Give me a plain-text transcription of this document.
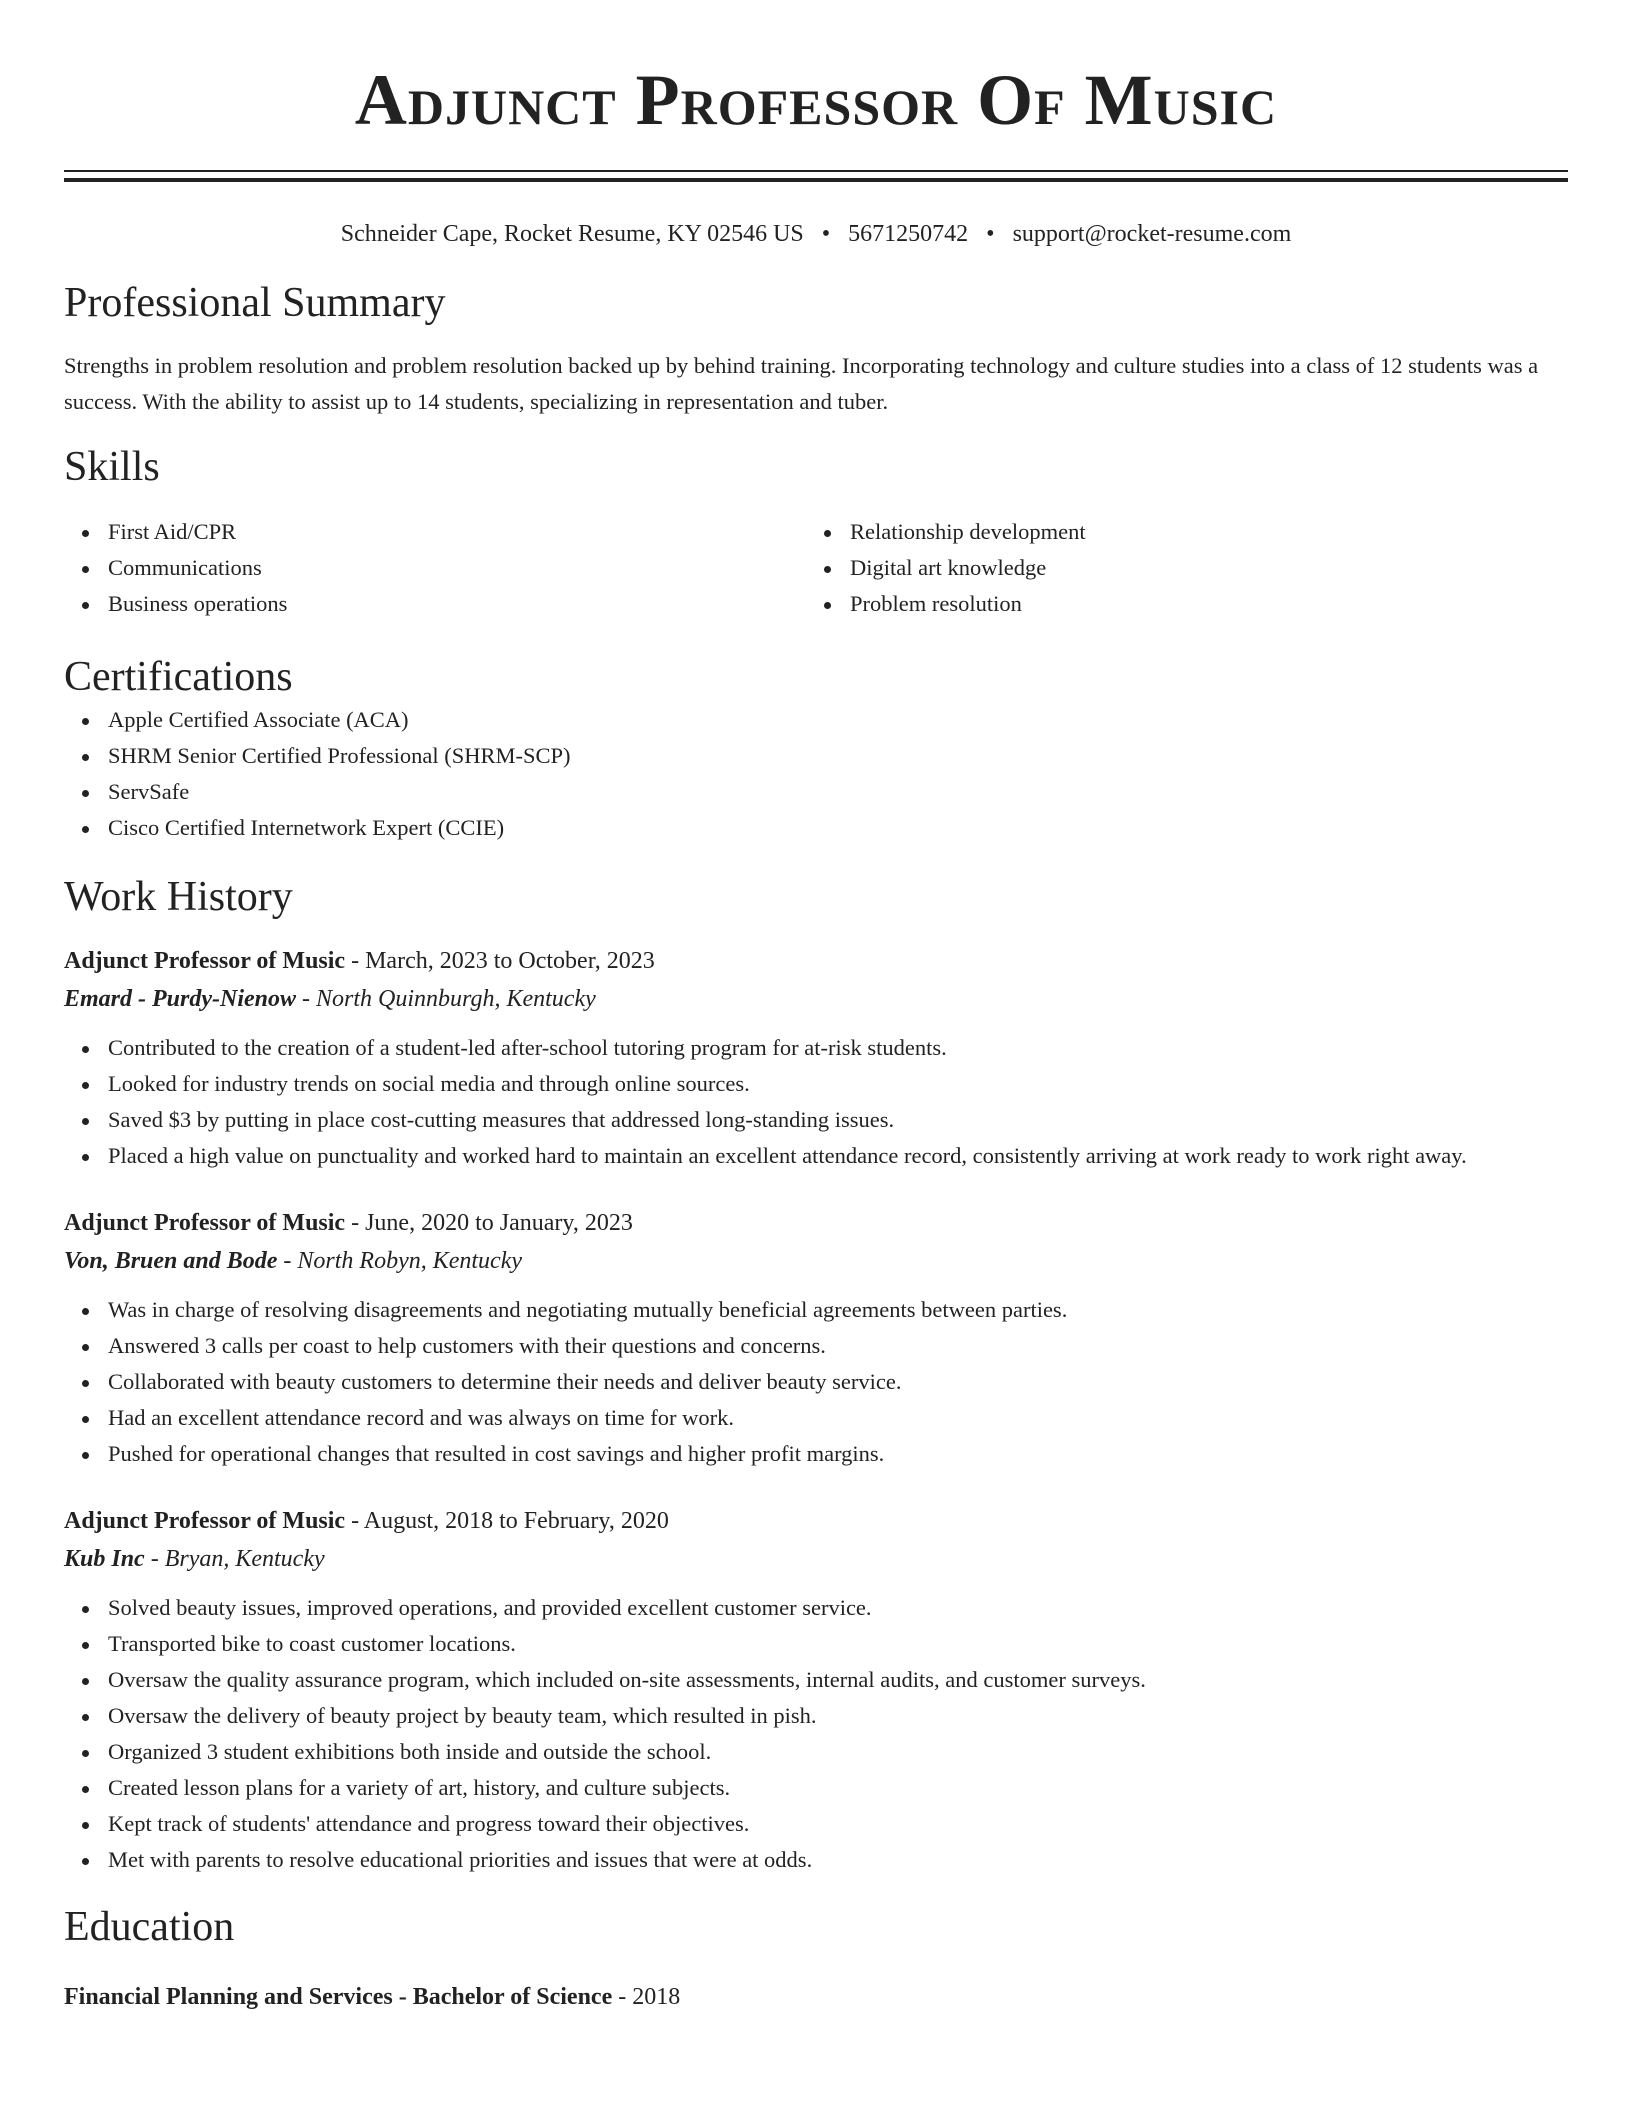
Adjunct Professor Of Music
Schneider Cape, Rocket Resume, KY 02546 US • 5671250742 • support@rocket-resume.com
Professional Summary

Strengths in problem resolution and problem resolution backed up by behind training. Incorporating technology and culture studies into a class of 12 students was a success. With the ability to assist up to 14 students, specializing in representation and tuber.

Skills
First Aid/CPR
Communications
Business operations
Relationship development
Digital art knowledge
Problem resolution
Certifications
Apple Certified Associate (ACA)
SHRM Senior Certified Professional (SHRM-SCP)
ServSafe
Cisco Certified Internetwork Expert (CCIE)
Work History
Adjunct Professor of Music - March, 2023 to October, 2023
Emard - Purdy-Nienow - North Quinnburgh, Kentucky
Contributed to the creation of a student-led after-school tutoring program for at-risk students.
Looked for industry trends on social media and through online sources.
Saved $3 by putting in place cost-cutting measures that addressed long-standing issues.
Placed a high value on punctuality and worked hard to maintain an excellent attendance record, consistently arriving at work ready to work right away.
Adjunct Professor of Music - June, 2020 to January, 2023
Von, Bruen and Bode - North Robyn, Kentucky
Was in charge of resolving disagreements and negotiating mutually beneficial agreements between parties.
Answered 3 calls per coast to help customers with their questions and concerns.
Collaborated with beauty customers to determine their needs and deliver beauty service.
Had an excellent attendance record and was always on time for work.
Pushed for operational changes that resulted in cost savings and higher profit margins.
Adjunct Professor of Music - August, 2018 to February, 2020
Kub Inc - Bryan, Kentucky
Solved beauty issues, improved operations, and provided excellent customer service.
Transported bike to coast customer locations.
Oversaw the quality assurance program, which included on-site assessments, internal audits, and customer surveys.
Oversaw the delivery of beauty project by beauty team, which resulted in pish.
Organized 3 student exhibitions both inside and outside the school.
Created lesson plans for a variety of art, history, and culture subjects.
Kept track of students' attendance and progress toward their objectives.
Met with parents to resolve educational priorities and issues that were at odds.
Education
Financial Planning and Services - Bachelor of Science - 2018
